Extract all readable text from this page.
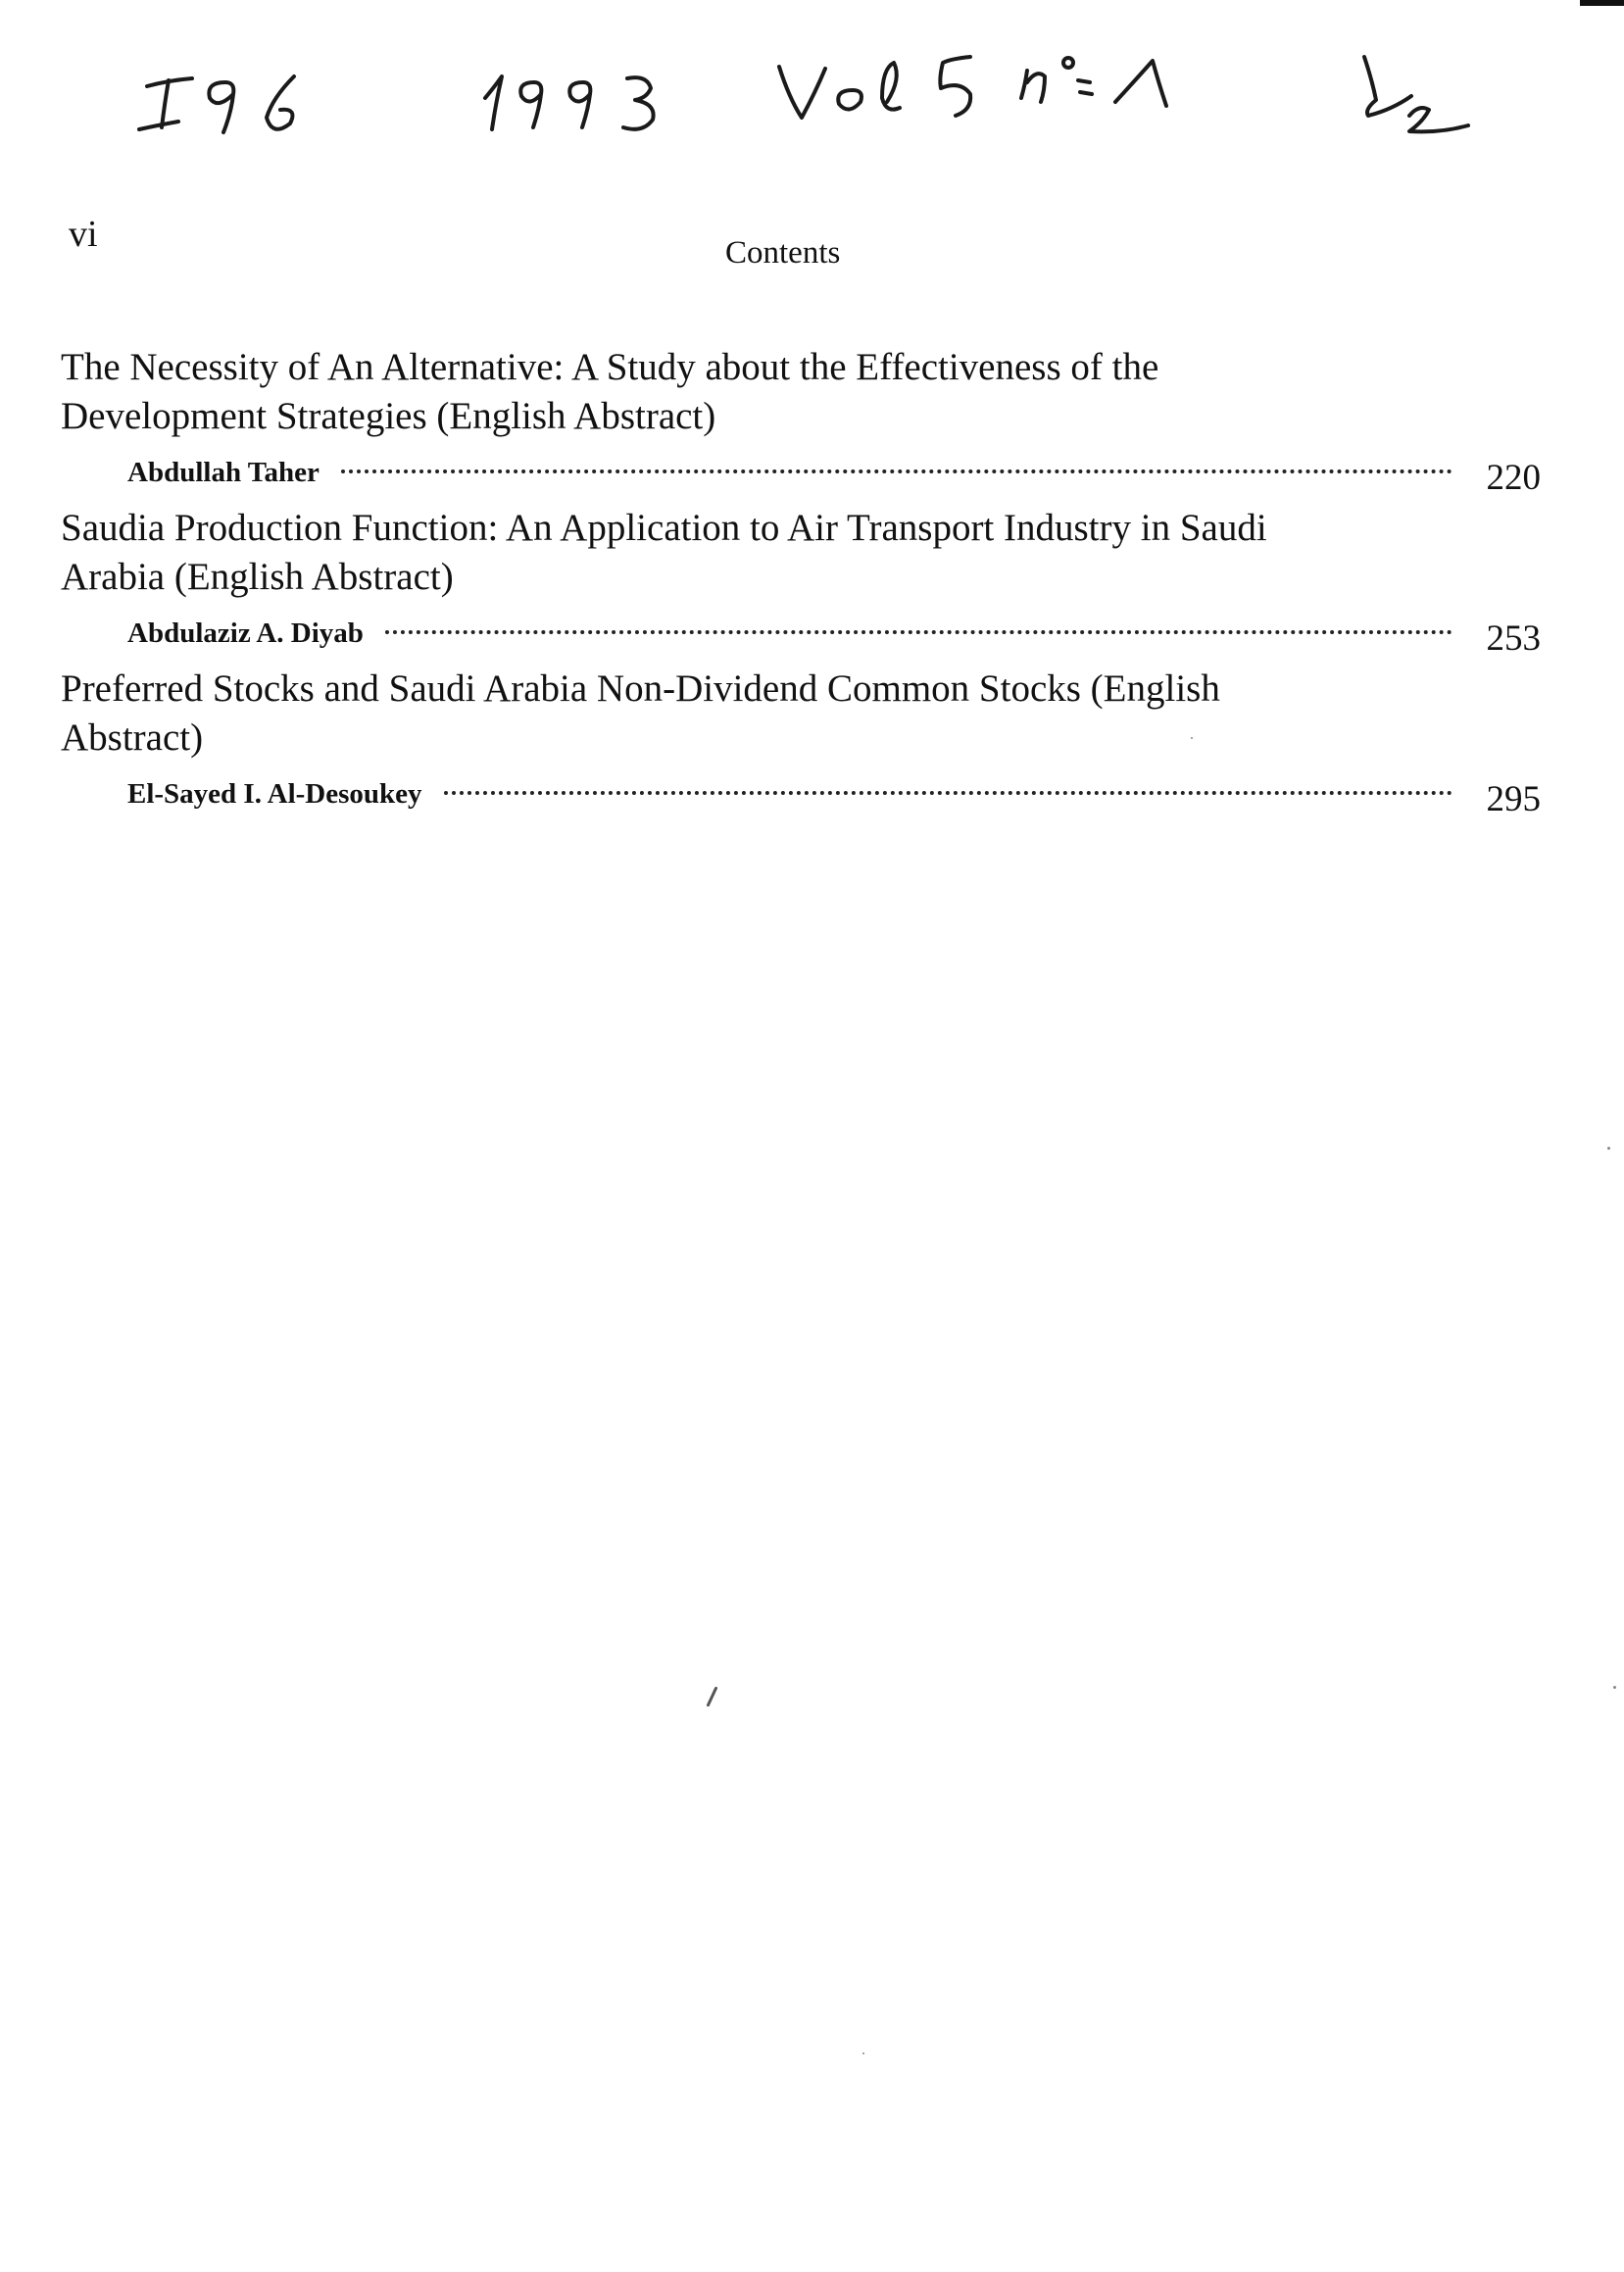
vi	Contents
The Necessity of An Alternative: A Study about the Effectiveness of the Development Strategies (English Abstract)
Abdullah Taher	220
Saudia Production Function: An Application to Air Transport Industry in Saudi Arabia (English Abstract)
Abdulaziz A. Diyab	253
Preferred Stocks and Saudi Arabia Non-Dividend Common Stocks (English Abstract)
El-Sayed I. Al-Desoukey	295
